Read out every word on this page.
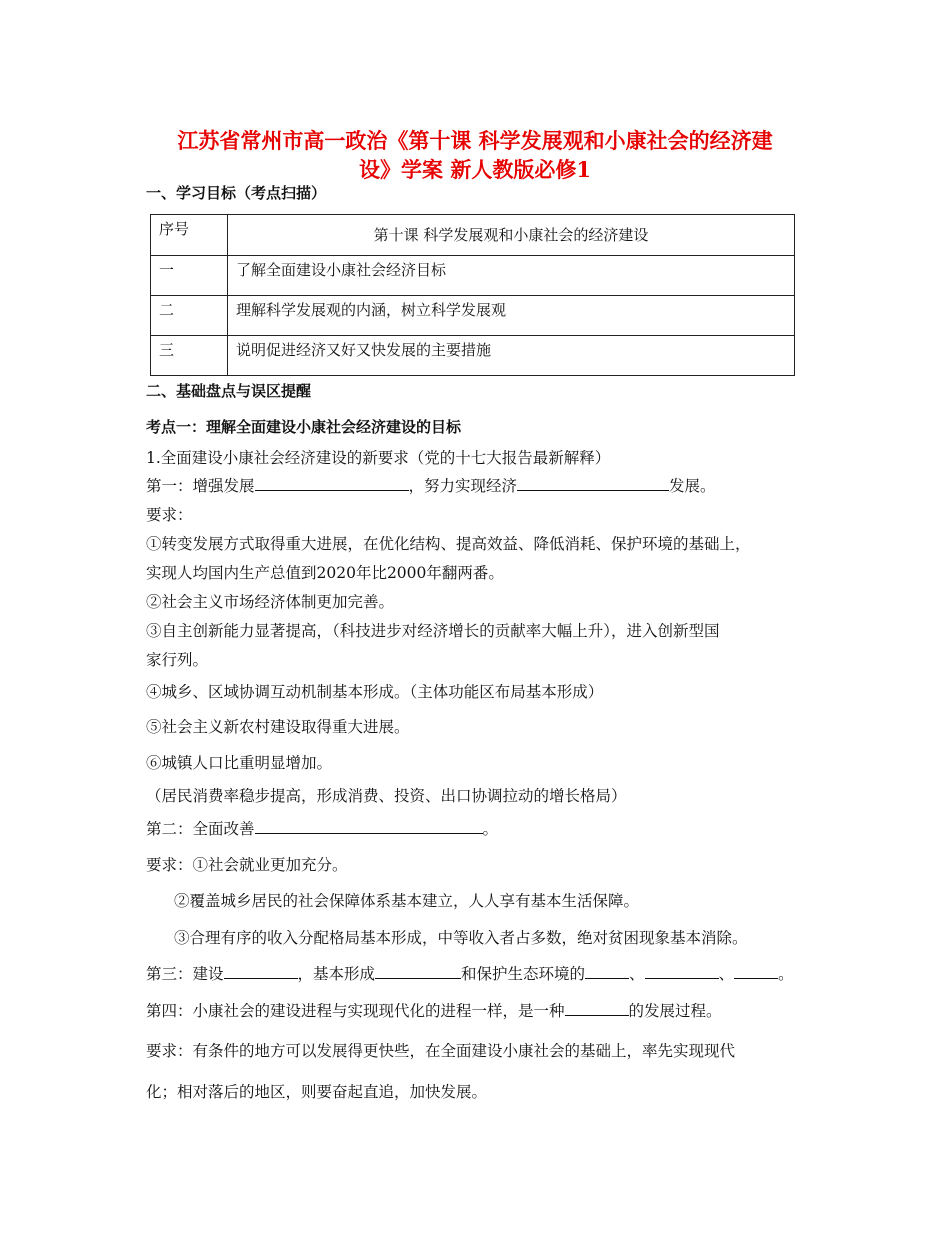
江苏省常州市高一政治《第十课 科学发展观和小康社会的经济建
设》学案 新人教版必修1
一、学习目标（考点扫描）
序号	第十课 科学发展观和小康社会的经济建设
一	了解全面建设小康社会经济目标
二	理解科学发展观的内涵，树立科学发展观
三	说明促进经济又好又快发展的主要措施
二、基础盘点与误区提醒
考点一：理解全面建设小康社会经济建设的目标
1.全面建设小康社会经济建设的新要求（党的十七大报告最新解释）
第一：增强发展	，努力实现经济	发展。
要求：
①转变发展方式取得重大进展，在优化结构、提高效益、降低消耗、保护环境的基础上，
实现人均国内生产总值到2020年比2000年翻两番。
②社会主义市场经济体制更加完善。
③自主创新能力显著提高，（科技进步对经济增长的贡献率大幅上升），进入创新型国
家行列。
④城乡、区域协调互动机制基本形成。（主体功能区布局基本形成）
⑤社会主义新农村建设取得重大进展。
⑥城镇人口比重明显增加。
（居民消费率稳步提高，形成消费、投资、出口协调拉动的增长格局）
第二：全面改善	。
要求：①社会就业更加充分。
②覆盖城乡居民的社会保障体系基本建立，人人享有基本生活保障。
③合理有序的收入分配格局基本形成，中等收入者占多数，绝对贫困现象基本消除。
第三：建设	，基本形成	和保护生态环境的	、	、	。
第四：小康社会的建设进程与实现现代化的进程一样，是一种	的发展过程。
要求：有条件的地方可以发展得更快些，在全面建设小康社会的基础上，率先实现现代
化；相对落后的地区，则要奋起直追，加快发展。
